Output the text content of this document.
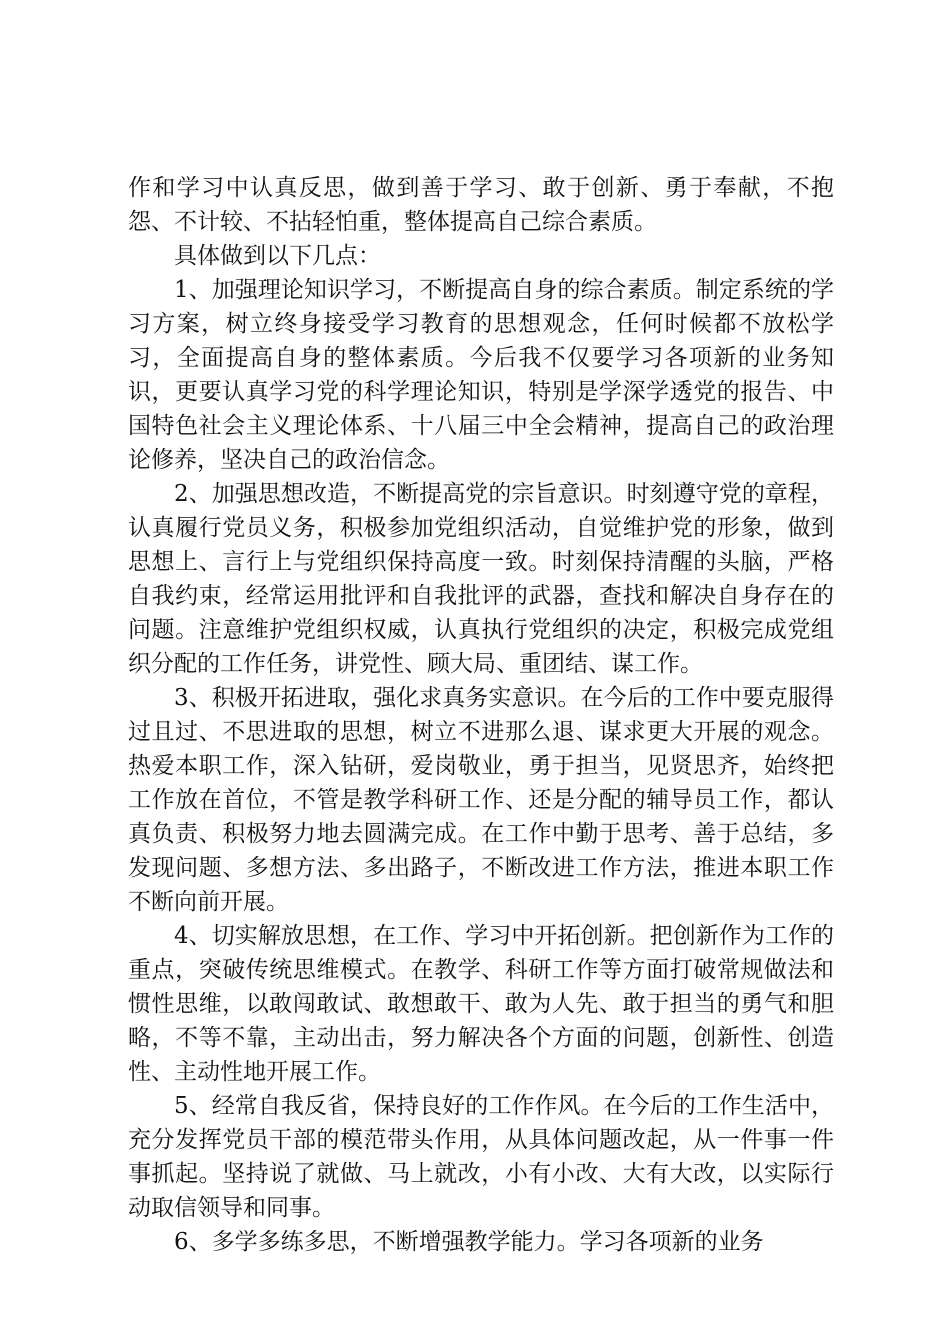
作和学习中认真反思，做到善于学习、敢于创新、勇于奉献，不抱怨、不计较、不拈轻怕重，整体提高自己综合素质。

具体做到以下几点：

1、加强理论知识学习，不断提高自身的综合素质。制定系统的学习方案，树立终身接受学习教育的思想观念，任何时候都不放松学习，全面提高自身的整体素质。今后我不仅要学习各项新的业务知识，更要认真学习党的科学理论知识，特别是学深学透党的报告、中国特色社会主义理论体系、十八届三中全会精神，提高自己的政治理论修养，坚决自己的政治信念。

2、加强思想改造，不断提高党的宗旨意识。时刻遵守党的章程，认真履行党员义务，积极参加党组织活动，自觉维护党的形象，做到思想上、言行上与党组织保持高度一致。时刻保持清醒的头脑，严格自我约束，经常运用批评和自我批评的武器，查找和解决自身存在的问题。注意维护党组织权威，认真执行党组织的决定，积极完成党组织分配的工作任务，讲党性、顾大局、重团结、谋工作。

3、积极开拓进取，强化求真务实意识。在今后的工作中要克服得过且过、不思进取的思想，树立不进那么退、谋求更大开展的观念。热爱本职工作，深入钻研，爱岗敬业，勇于担当，见贤思齐，始终把工作放在首位，不管是教学科研工作、还是分配的辅导员工作，都认真负责、积极努力地去圆满完成。在工作中勤于思考、善于总结，多发现问题、多想方法、多出路子，不断改进工作方法，推进本职工作不断向前开展。

4、切实解放思想，在工作、学习中开拓创新。把创新作为工作的重点，突破传统思维模式。在教学、科研工作等方面打破常规做法和惯性思维，以敢闯敢试、敢想敢干、敢为人先、敢于担当的勇气和胆略，不等不靠，主动出击，努力解决各个方面的问题，创新性、创造性、主动性地开展工作。

5、经常自我反省，保持良好的工作作风。在今后的工作生活中，充分发挥党员干部的模范带头作用，从具体问题改起，从一件事一件事抓起。坚持说了就做、马上就改，小有小改、大有大改，以实际行动取信领导和同事。

6、多学多练多思，不断增强教学能力。学习各项新的业务
